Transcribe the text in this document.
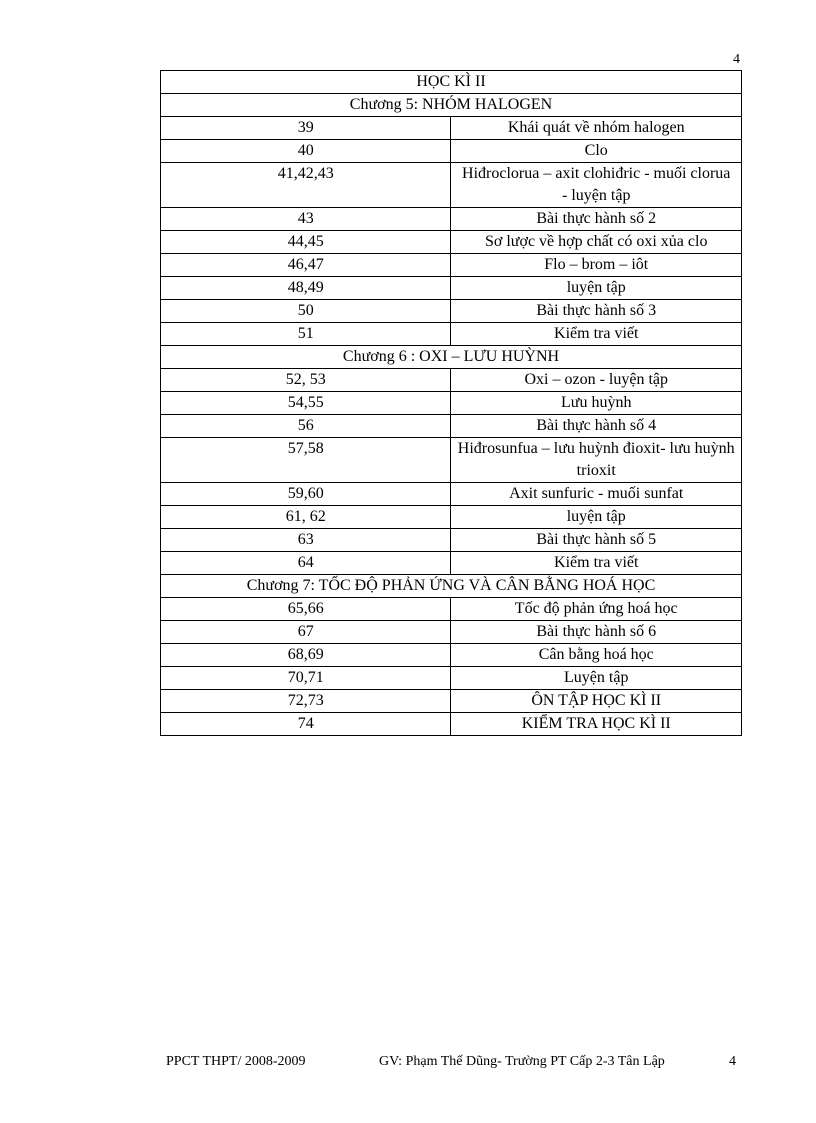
4
HỌC KÌ II	
Chương 5: NHÓM HALOGEN	
39	Khái quát về nhóm halogen
40	Clo
41,42,43	Hiđroclorua – axit clohiđric - muối clorua - luyện tập
43	Bài thực hành số 2
44,45	Sơ lược về hợp chất có oxi xủa clo
46,47	Flo – brom – iôt
48,49	luyện tập
50	Bài thực hành số 3
51	Kiểm tra viết
Chương 6 : OXI – LƯU HUỲNH	
52, 53	Oxi – ozon - luyện tập
54,55	Lưu huỳnh
56	Bài thực hành số 4
57,58	Hiđrosunfua – lưu huỳnh đioxit- lưu huỳnh trioxit
59,60	Axit sunfuric - muối sunfat
61, 62	luyện tập
63	Bài thực hành số 5
64	Kiểm tra viết
Chương 7: TỐC ĐỘ PHẢN ỨNG VÀ CÂN BẰNG HOÁ HỌC	
65,66	Tốc độ phản ứng hoá học
67	Bài thực hành số 6
68,69	Cân bằng hoá học
70,71	Luyện tập
72,73	ÔN TẬP HỌC KÌ II
74	KIỂM TRA HỌC KÌ II
PPCT THPT/ 2008-2009	GV: Phạm Thế Dũng- Trường PT Cấp 2-3 Tân Lập	4
